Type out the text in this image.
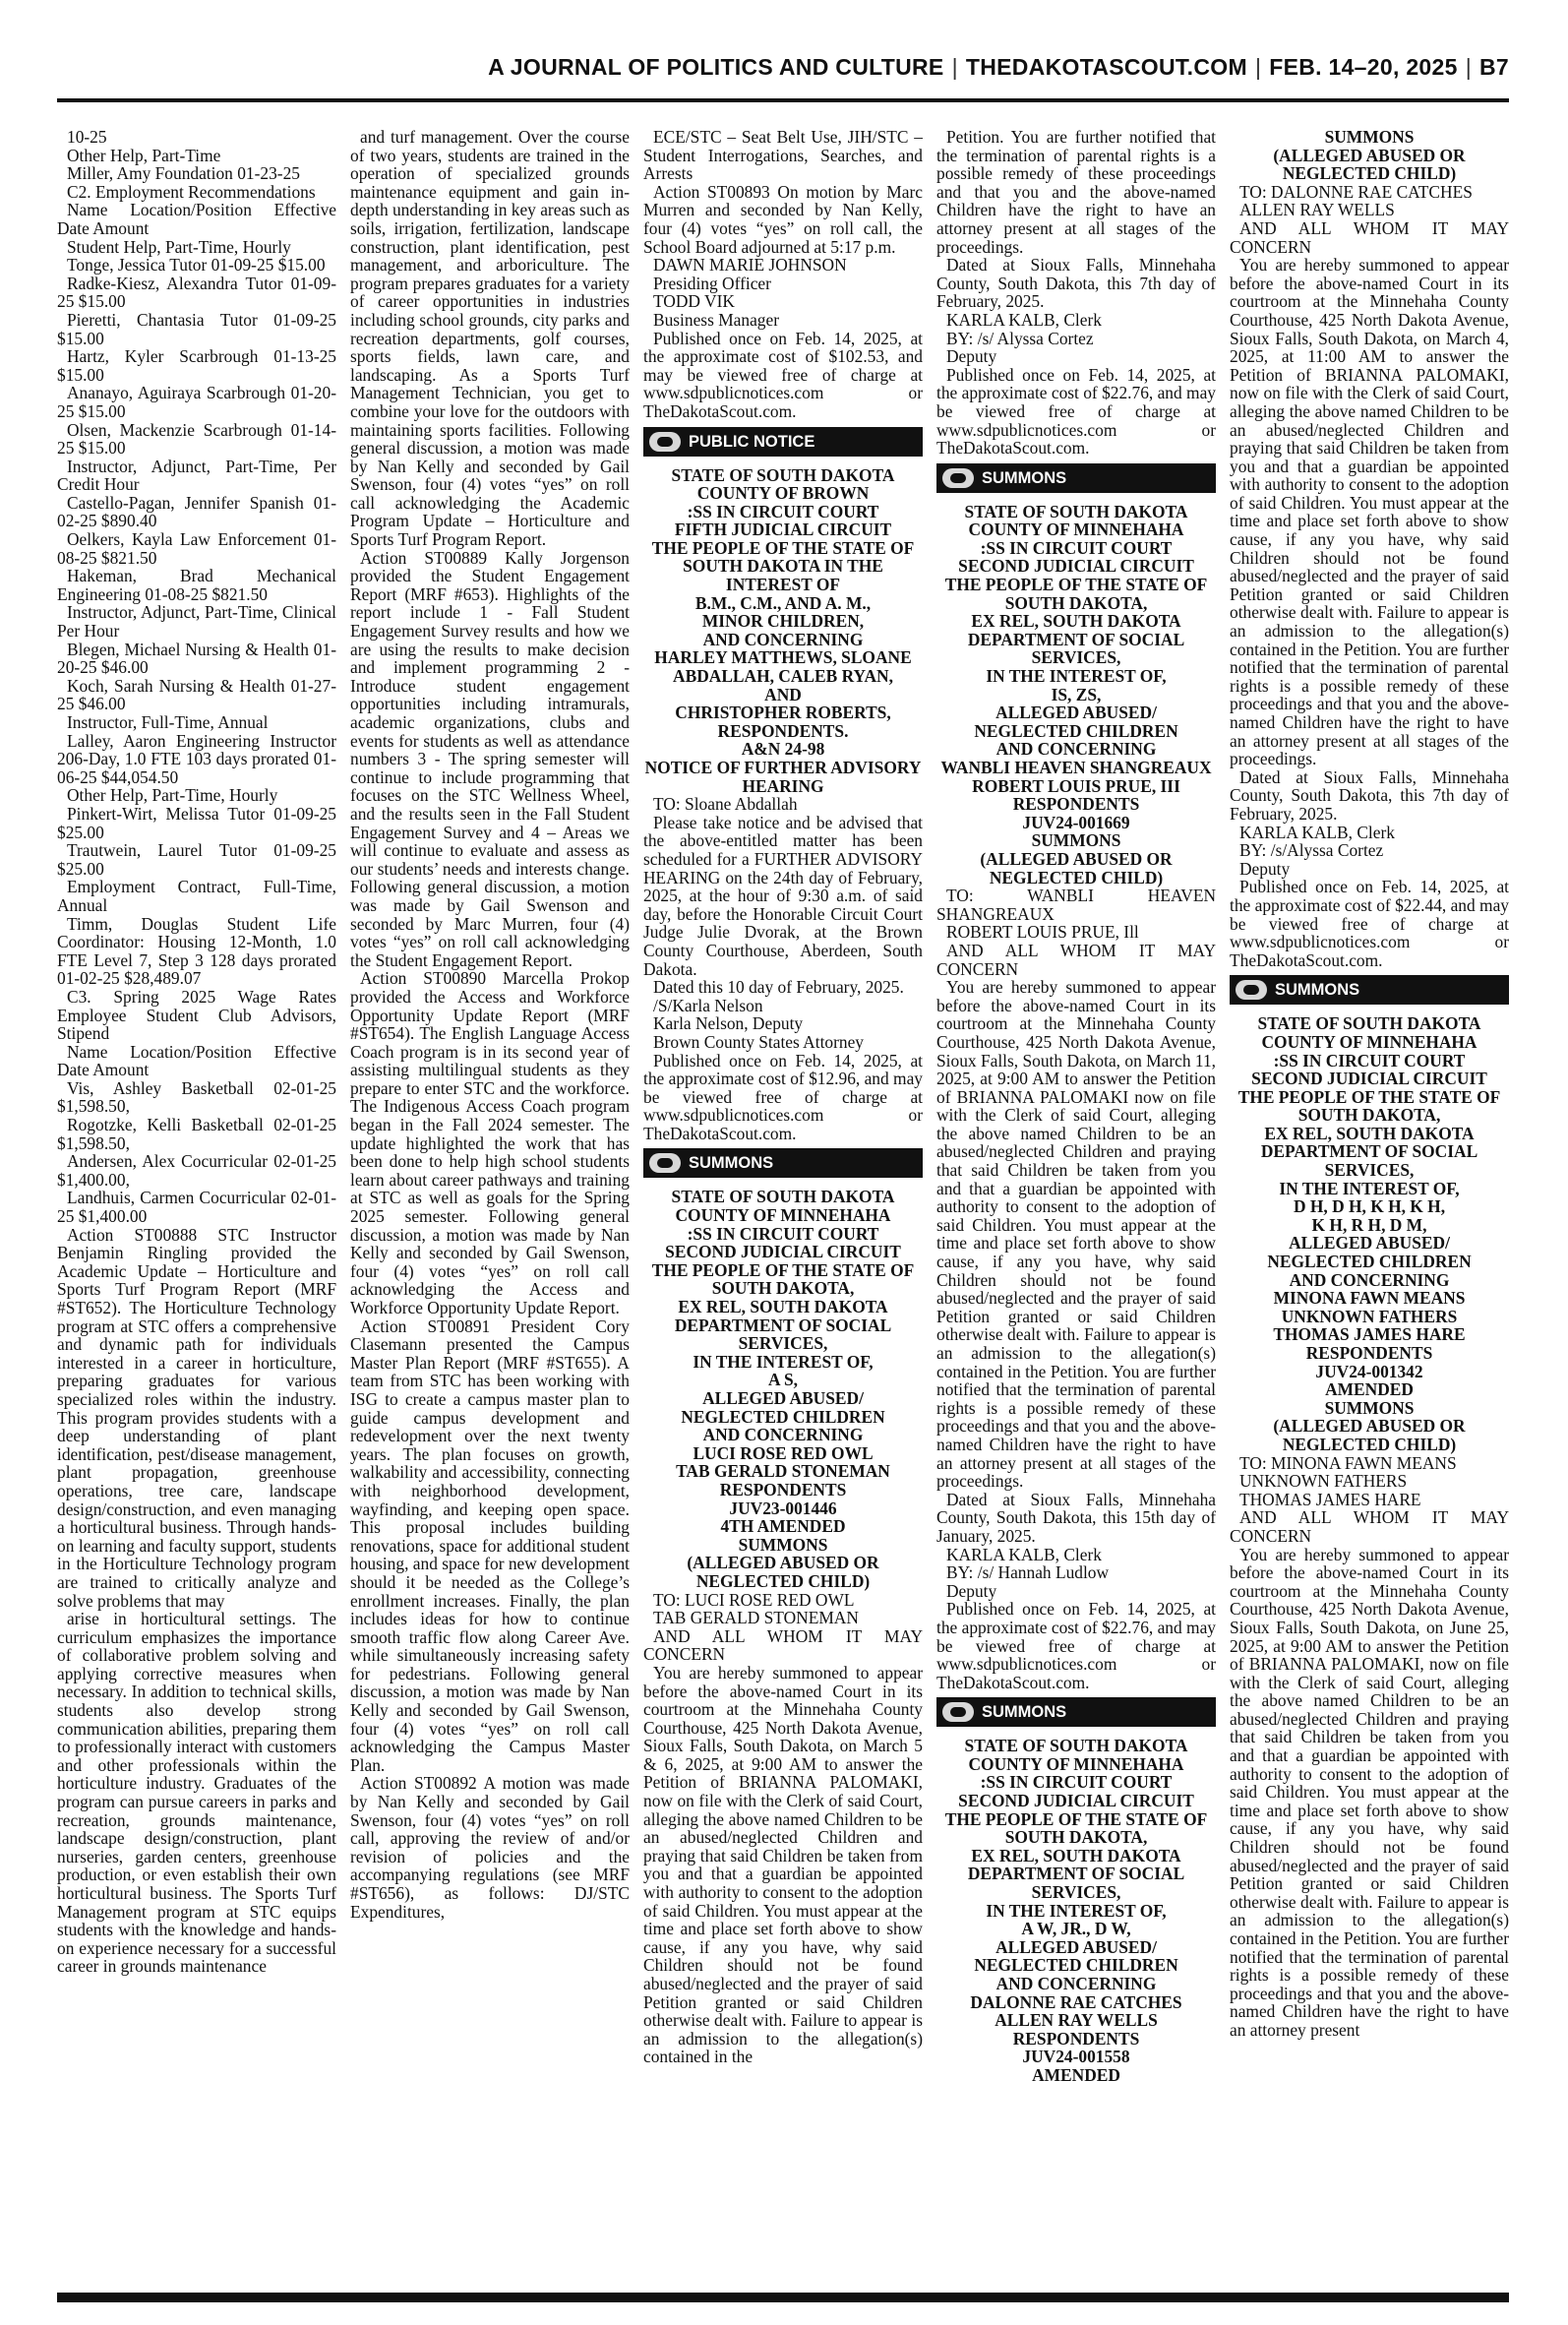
A JOURNAL OF POLITICS AND CULTURE | THEDAKOTASCOUT.COM | FEB. 14–20, 2025 | B7

10-25

Other Help, Part-Time

Miller, Amy Foundation 01-23-25

C2. Employment Recommendations

Name Location/Position Effective Date Amount

Student Help, Part-Time, Hourly

Tonge, Jessica Tutor 01-09-25 $15.00

Radke-Kiesz, Alexandra Tutor 01-09-25 $15.00

Pieretti, Chantasia Tutor 01-09-25 $15.00

Hartz, Kyler Scarbrough 01-13-25 $15.00

Ananayo, Aguiraya Scarbrough 01-20-25 $15.00

Olsen, Mackenzie Scarbrough 01-14-25 $15.00

Instructor, Adjunct, Part-Time, Per Credit Hour

Castello-Pagan, Jennifer Spanish 01-02-25 $890.40

Oelkers, Kayla Law Enforcement 01-08-25 $821.50

Hakeman, Brad Mechanical Engineering 01-08-25 $821.50

Instructor, Adjunct, Part-Time, Clinical Per Hour

Blegen, Michael Nursing & Health 01-20-25 $46.00

Koch, Sarah Nursing & Health 01-27-25 $46.00

Instructor, Full-Time, Annual

Lalley, Aaron Engineering Instructor 206-Day, 1.0 FTE 103 days prorated 01-06-25 $44,054.50

Other Help, Part-Time, Hourly

Pinkert-Wirt, Melissa Tutor 01-09-25 $25.00

Trautwein, Laurel Tutor 01-09-25 $25.00

Employment Contract, Full-Time, Annual

Timm, Douglas Student Life Coordinator: Housing 12-Month, 1.0 FTE Level 7, Step 3 128 days prorated 01-02-25 $28,489.07

C3. Spring 2025 Wage Rates Employee Student Club Advisors, Stipend

Name Location/Position Effective Date Amount

Vis, Ashley Basketball 02-01-25 $1,598.50,

Rogotzke, Kelli Basketball 02-01-25 $1,598.50,

Andersen, Alex Cocurricular 02-01-25 $1,400.00,

Landhuis, Carmen Cocurricular 02-01-25 $1,400.00

Action ST00888 STC Instructor Benjamin Ringling provided the Academic Update – Horticulture and Sports Turf Program Report (MRF #ST652). The Horticulture Technology program at STC offers a comprehensive and dynamic path for individuals interested in a career in horticulture, preparing graduates for various specialized roles within the industry. This program provides students with a deep understanding of plant identification, pest/disease management, plant propagation, greenhouse operations, tree care, landscape design/construction, and even managing a horticultural business. Through hands-on learning and faculty support, students in the Horticulture Technology program are trained to critically analyze and solve problems that may

arise in horticultural settings. The curriculum emphasizes the importance of collaborative problem solving and applying corrective measures when necessary. In addition to technical skills, students also develop strong communication abilities, preparing them to professionally interact with customers and other professionals within the horticulture industry. Graduates of the program can pursue careers in parks and recreation, grounds maintenance, landscape design/construction, plant nurseries, garden centers, greenhouse production, or even establish their own horticultural business. The Sports Turf Management program at STC equips students with the knowledge and hands-on experience necessary for a successful career in grounds maintenance

and turf management. Over the course of two years, students are trained in the operation of specialized grounds maintenance equipment and gain in-depth understanding in key areas such as soils, irrigation, fertilization, landscape construction, plant identification, pest management, and arboriculture. The program prepares graduates for a variety of career opportunities in industries including school grounds, city parks and recreation departments, golf courses, sports fields, lawn care, and landscaping. As a Sports Turf Management Technician, you get to combine your love for the outdoors with maintaining sports facilities. Following general discussion, a motion was made by Nan Kelly and seconded by Gail Swenson, four (4) votes “yes” on roll call acknowledging the Academic Program Update – Horticulture and Sports Turf Program Report.

Action ST00889 Kally Jorgenson provided the Student Engagement Report (MRF #653). Highlights of the report include 1 - Fall Student Engagement Survey results and how we are using the results to make decision and implement programming 2 - Introduce student engagement opportunities including intramurals, academic organizations, clubs and events for students as well as attendance numbers 3 - The spring semester will continue to include programming that focuses on the STC Wellness Wheel, and the results seen in the Fall Student Engagement Survey and 4 – Areas we will continue to evaluate and assess as our students’ needs and interests change. Following general discussion, a motion was made by Gail Swenson and seconded by Marc Murren, four (4) votes “yes” on roll call acknowledging the Student Engagement Report.

Action ST00890 Marcella Prokop provided the Access and Workforce Opportunity Update Report (MRF #ST654). The English Language Access Coach program is in its second year of assisting multilingual students as they prepare to enter STC and the workforce. The Indigenous Access Coach program began in the Fall 2024 semester. The update highlighted the work that has been done to help high school students learn about career pathways and training at STC as well as goals for the Spring 2025 semester. Following general discussion, a motion was made by Nan Kelly and seconded by Gail Swenson, four (4) votes “yes” on roll call acknowledging the Access and Workforce Opportunity Update Report.

Action ST00891 President Cory Clasemann presented the Campus Master Plan Report (MRF #ST655). A team from STC has been working with ISG to create a campus master plan to guide campus development and redevelopment over the next twenty years. The plan focuses on growth, walkability and accessibility, connecting with neighborhood development, wayfinding, and keeping open space. This proposal includes building renovations, space for additional student housing, and space for new development should it be needed as the College’s enrollment increases. Finally, the plan includes ideas for how to continue smooth traffic flow along Career Ave. while simultaneously increasing safety for pedestrians. Following general discussion, a motion was made by Nan Kelly and seconded by Gail Swenson, four (4) votes “yes” on roll call acknowledging the Campus Master Plan.

Action ST00892 A motion was made by Nan Kelly and seconded by Gail Swenson, four (4) votes “yes” on roll call, approving the review of and/or revision of policies and the accompanying regulations (see MRF #ST656), as follows: DJ/STC Expenditures,

ECE/STC – Seat Belt Use, JIH/STC – Student Interrogations, Searches, and Arrests

Action ST00893 On motion by Marc Murren and seconded by Nan Kelly, four (4) votes “yes” on roll call, the School Board adjourned at 5:17 p.m.

DAWN MARIE JOHNSON

Presiding Officer

TODD VIK

Business Manager

Published once on Feb. 14, 2025, at the approximate cost of $102.53, and may be viewed free of charge at www.sdpublicnotices.com or TheDakotaScout.com.

PUBLIC NOTICE

STATE OF SOUTH DAKOTA

COUNTY OF BROWN

:SS IN CIRCUIT COURT

FIFTH JUDICIAL CIRCUIT

THE PEOPLE OF THE STATE OF SOUTH DAKOTA IN THE INTEREST OF

B.M., C.M., AND A. M.,

MINOR CHILDREN,

AND CONCERNING

HARLEY MATTHEWS, SLOANE

ABDALLAH, CALEB RYAN,

AND

CHRISTOPHER ROBERTS,

RESPONDENTS.

A&N 24-98

NOTICE OF FURTHER ADVISORY HEARING

TO: Sloane Abdallah

Please take notice and be advised that the above-entitled matter has been scheduled for a FURTHER ADVISORY HEARING on the 24th day of February, 2025, at the hour of 9:30 a.m. of said day, before the Honorable Circuit Court Judge Julie Dvorak, at the Brown County Courthouse, Aberdeen, South Dakota.

Dated this 10 day of February, 2025.

/S/Karla Nelson

Karla Nelson, Deputy

Brown County States Attorney

Published once on Feb. 14, 2025, at the approximate cost of $12.96, and may be viewed free of charge at www.sdpublicnotices.com or TheDakotaScout.com.

SUMMONS

STATE OF SOUTH DAKOTA

COUNTY OF MINNEHAHA

:SS IN CIRCUIT COURT

SECOND JUDICIAL CIRCUIT

THE PEOPLE OF THE STATE OF SOUTH DAKOTA,

EX REL, SOUTH DAKOTA DEPARTMENT OF SOCIAL SERVICES,

IN THE INTEREST OF,

A S,

ALLEGED ABUSED/

NEGLECTED CHILDREN

AND CONCERNING

LUCI ROSE RED OWL

TAB GERALD STONEMAN

RESPONDENTS

JUV23-001446

4TH AMENDED

SUMMONS

(ALLEGED ABUSED OR NEGLECTED CHILD)

TO: LUCI ROSE RED OWL

TAB GERALD STONEMAN

AND ALL WHOM IT MAY CONCERN

You are hereby summoned to appear before the above-named Court in its courtroom at the Minnehaha County Courthouse, 425 North Dakota Avenue, Sioux Falls, South Dakota, on March 5 & 6, 2025, at 9:00 AM to answer the Petition of BRIANNA PALOMAKI, now on file with the Clerk of said Court, alleging the above named Children to be an abused/neglected Children and praying that said Children be taken from you and that a guardian be appointed with authority to consent to the adoption of said Children. You must appear at the time and place set forth above to show cause, if any you have, why said Children should not be found abused/neglected and the prayer of said Petition granted or said Children otherwise dealt with. Failure to appear is an admission to the allegation(s) contained in the

Petition. You are further notified that the termination of parental rights is a possible remedy of these proceedings and that you and the above-named Children have the right to have an attorney present at all stages of the proceedings.

Dated at Sioux Falls, Minnehaha County, South Dakota, this 7th day of February, 2025.

KARLA KALB, Clerk

BY: /s/ Alyssa Cortez

Deputy

Published once on Feb. 14, 2025, at the approximate cost of $22.76, and may be viewed free of charge at www.sdpublicnotices.com or TheDakotaScout.com.

SUMMONS

STATE OF SOUTH DAKOTA

COUNTY OF MINNEHAHA

:SS IN CIRCUIT COURT

SECOND JUDICIAL CIRCUIT

THE PEOPLE OF THE STATE OF SOUTH DAKOTA,

EX REL, SOUTH DAKOTA DEPARTMENT OF SOCIAL SERVICES,

IN THE INTEREST OF,

IS, ZS,

ALLEGED ABUSED/

NEGLECTED CHILDREN

AND CONCERNING

WANBLI HEAVEN SHANGREAUX

ROBERT LOUIS PRUE, III

RESPONDENTS

JUV24-001669

SUMMONS

(ALLEGED ABUSED OR NEGLECTED CHILD)

TO: WANBLI HEAVEN SHANGREAUX

ROBERT LOUIS PRUE, Ill

AND ALL WHOM IT MAY CONCERN

You are hereby summoned to appear before the above-named Court in its courtroom at the Minnehaha County Courthouse, 425 North Dakota Avenue, Sioux Falls, South Dakota, on March 11, 2025, at 9:00 AM to answer the Petition of BRIANNA PALOMAKI now on file with the Clerk of said Court, alleging the above named Children to be an abused/neglected Children and praying that said Children be taken from you and that a guardian be appointed with authority to consent to the adoption of said Children. You must appear at the time and place set forth above to show cause, if any you have, why said Children should not be found abused/neglected and the prayer of said Petition granted or said Children otherwise dealt with. Failure to appear is an admission to the allegation(s) contained in the Petition. You are further notified that the termination of parental rights is a possible remedy of these proceedings and that you and the above-named Children have the right to have an attorney present at all stages of the proceedings.

Dated at Sioux Falls, Minnehaha County, South Dakota, this 15th day of January, 2025.

KARLA KALB, Clerk

BY: /s/ Hannah Ludlow

Deputy

Published once on Feb. 14, 2025, at the approximate cost of $22.76, and may be viewed free of charge at www.sdpublicnotices.com or TheDakotaScout.com.

SUMMONS

STATE OF SOUTH DAKOTA

COUNTY OF MINNEHAHA

:SS IN CIRCUIT COURT

SECOND JUDICIAL CIRCUIT

THE PEOPLE OF THE STATE OF SOUTH DAKOTA,

EX REL, SOUTH DAKOTA DEPARTMENT OF SOCIAL SERVICES,

IN THE INTEREST OF,

A W, JR., D W,

ALLEGED ABUSED/

NEGLECTED CHILDREN

AND CONCERNING

DALONNE RAE CATCHES

ALLEN RAY WELLS

RESPONDENTS

JUV24-001558

AMENDED

SUMMONS

(ALLEGED ABUSED OR NEGLECTED CHILD)

TO: DALONNE RAE CATCHES

ALLEN RAY WELLS

AND ALL WHOM IT MAY CONCERN

You are hereby summoned to appear before the above-named Court in its courtroom at the Minnehaha County Courthouse, 425 North Dakota Avenue, Sioux Falls, South Dakota, on March 4, 2025, at 11:00 AM to answer the Petition of BRIANNA PALOMAKI, now on file with the Clerk of said Court, alleging the above named Children to be an abused/neglected Children and praying that said Children be taken from you and that a guardian be appointed with authority to consent to the adoption of said Children. You must appear at the time and place set forth above to show cause, if any you have, why said Children should not be found abused/neglected and the prayer of said Petition granted or said Children otherwise dealt with. Failure to appear is an admission to the allegation(s) contained in the Petition. You are further notified that the termination of parental rights is a possible remedy of these proceedings and that you and the above-named Children have the right to have an attorney present at all stages of the proceedings.

Dated at Sioux Falls, Minnehaha County, South Dakota, this 7th day of February, 2025.

KARLA KALB, Clerk

BY: /s/Alyssa Cortez

Deputy

Published once on Feb. 14, 2025, at the approximate cost of $22.44, and may be viewed free of charge at www.sdpublicnotices.com or TheDakotaScout.com.

SUMMONS

STATE OF SOUTH DAKOTA

COUNTY OF MINNEHAHA

:SS IN CIRCUIT COURT

SECOND JUDICIAL CIRCUIT

THE PEOPLE OF THE STATE OF SOUTH DAKOTA,

EX REL, SOUTH DAKOTA DEPARTMENT OF SOCIAL SERVICES,

IN THE INTEREST OF,

D H, D H, K H, K H,

K H, R H, D M,

ALLEGED ABUSED/

NEGLECTED CHILDREN

AND CONCERNING

MINONA FAWN MEANS

UNKNOWN FATHERS

THOMAS JAMES HARE

RESPONDENTS

JUV24-001342

AMENDED

SUMMONS

(ALLEGED ABUSED OR NEGLECTED CHILD)

TO: MINONA FAWN MEANS

UNKNOWN FATHERS

THOMAS JAMES HARE

AND ALL WHOM IT MAY CONCERN

You are hereby summoned to appear before the above-named Court in its courtroom at the Minnehaha County Courthouse, 425 North Dakota Avenue, Sioux Falls, South Dakota, on June 25, 2025, at 9:00 AM to answer the Petition of BRIANNA PALOMAKI, now on file with the Clerk of said Court, alleging the above named Children to be an abused/neglected Children and praying that said Children be taken from you and that a guardian be appointed with authority to consent to the adoption of said Children. You must appear at the time and place set forth above to show cause, if any you have, why said Children should not be found abused/neglected and the prayer of said Petition granted or said Children otherwise dealt with. Failure to appear is an admission to the allegation(s) contained in the Petition. You are further notified that the termination of parental rights is a possible remedy of these proceedings and that you and the above-named Children have the right to have an attorney present
